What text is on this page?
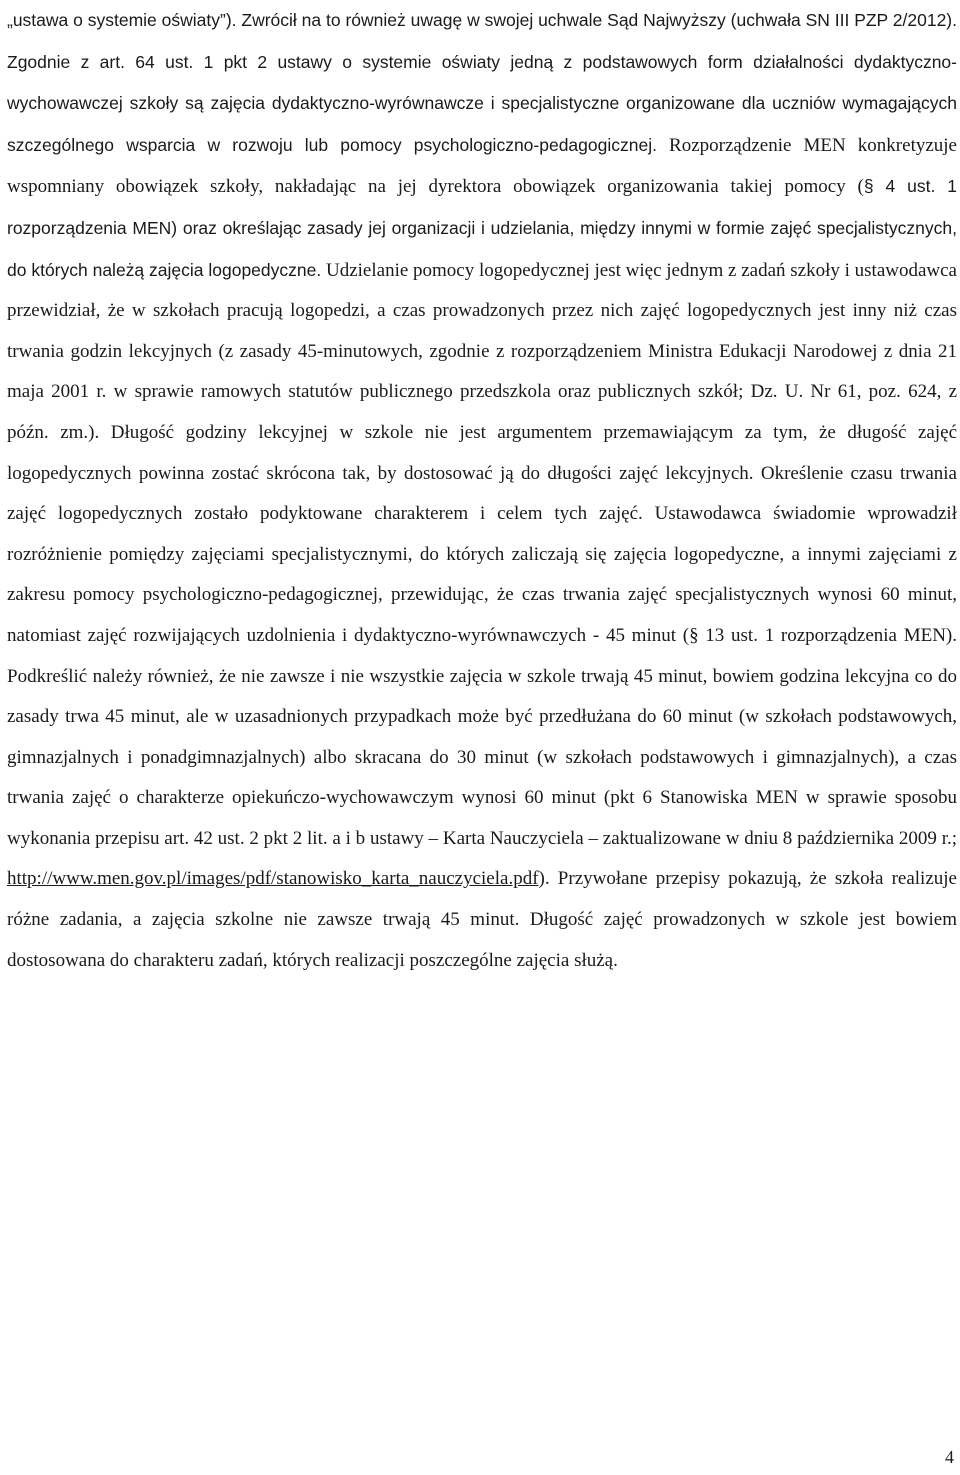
„ustawa o systemie oświaty”). Zwrócił na to również uwagę w swojej uchwale Sąd Najwyższy (uchwała SN III PZP 2/2012). Zgodnie z art. 64 ust. 1 pkt 2 ustawy o systemie oświaty jedną z podstawowych form działalności dydaktyczno-wychowawczej szkoły są zajęcia dydaktyczno-wyrównawcze i specjalistyczne organizowane dla uczniów wymagających szczególnego wsparcia w rozwoju lub pomocy psychologiczno-pedagogicznej. Rozporządzenie MEN konkretyzuje wspomniany obowiązek szkoły, nakładając na jej dyrektora obowiązek organizowania takiej pomocy (§ 4 ust. 1 rozporządzenia MEN) oraz określając zasady jej organizacji i udzielania, między innymi w formie zajęć specjalistycznych, do których należą zajęcia logopedyczne. Udzielanie pomocy logopedycznej jest więc jednym z zadań szkoły i ustawodawca przewidział, że w szkołach pracują logopedzi, a czas prowadzonych przez nich zajęć logopedycznych jest inny niż czas trwania godzin lekcyjnych (z zasady 45-minutowych, zgodnie z rozporządzeniem Ministra Edukacji Narodowej z dnia 21 maja 2001 r. w sprawie ramowych statutów publicznego przedszkola oraz publicznych szkół; Dz. U. Nr 61, poz. 624, z późn. zm.). Długość godziny lekcyjnej w szkole nie jest argumentem przemawiającym za tym, że długość zajęć logopedycznych powinna zostać skrócona tak, by dostosować ją do długości zajęć lekcyjnych. Określenie czasu trwania zajęć logopedycznych zostało podyktowane charakterem i celem tych zajęć. Ustawodawca świadomie wprowadził rozróżnienie pomiędzy zajęciami specjalistycznymi, do których zaliczają się zajęcia logopedyczne, a innymi zajęciami z zakresu pomocy psychologiczno-pedagogicznej, przewidując, że czas trwania zajęć specjalistycznych wynosi 60 minut, natomiast zajęć rozwijających uzdolnienia i dydaktyczno-wyrównawczych - 45 minut (§ 13 ust. 1 rozporządzenia MEN). Podkreślić należy również, że nie zawsze i nie wszystkie zajęcia w szkole trwają 45 minut, bowiem godzina lekcyjna co do zasady trwa 45 minut, ale w uzasadnionych przypadkach może być przedłużana do 60 minut (w szkołach podstawowych, gimnazjalnych i ponadgimnazjalnych) albo skracana do 30 minut (w szkołach podstawowych i gimnazjalnych), a czas trwania zajęć o charakterze opiekuńczo-wychowawczym wynosi 60 minut (pkt 6 Stanowiska MEN w sprawie sposobu wykonania przepisu art. 42 ust. 2 pkt 2 lit. a i b ustawy – Karta Nauczyciela – zaktualizowane w dniu 8 października 2009 r.; http://www.men.gov.pl/images/pdf/stanowisko_karta_nauczyciela.pdf). Przywołane przepisy pokazują, że szkoła realizuje różne zadania, a zajęcia szkolne nie zawsze trwają 45 minut. Długość zajęć prowadzonych w szkole jest bowiem dostosowana do charakteru zadań, których realizacji poszczególne zajęcia służą.

4
